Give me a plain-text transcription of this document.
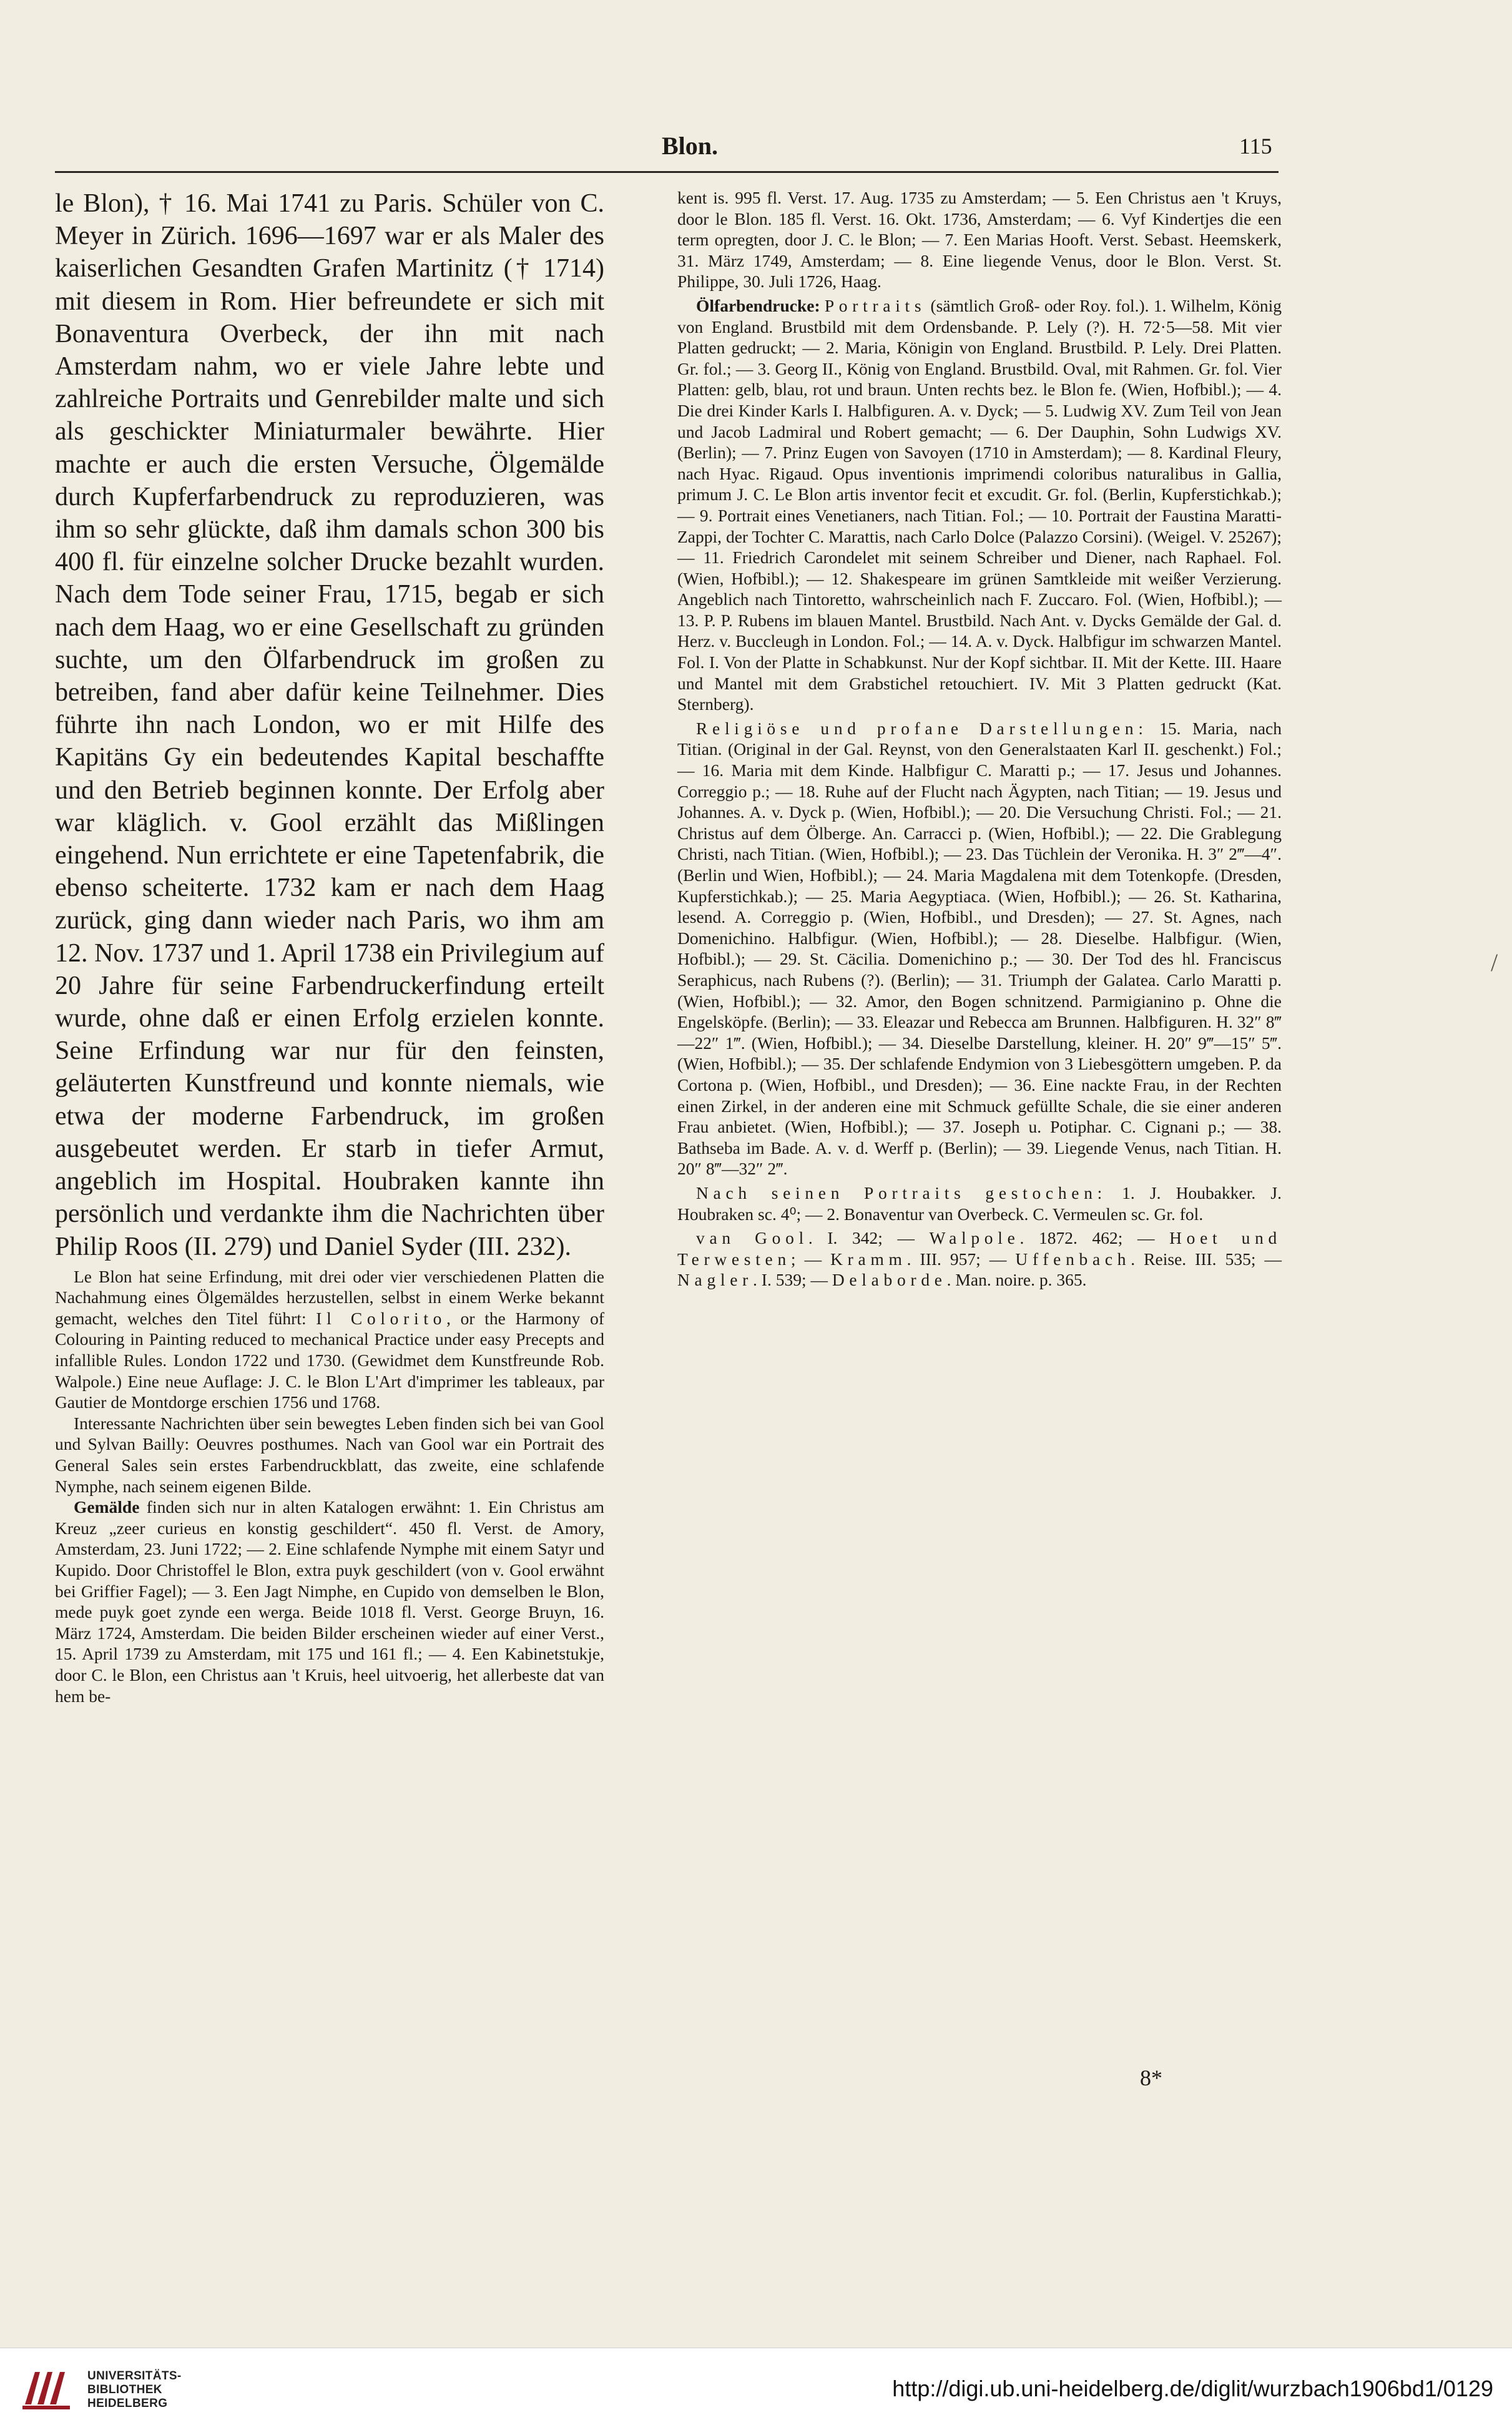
Blon.	115

le Blon), † 16. Mai 1741 zu Paris. Schüler von C. Meyer in Zürich. 1696—1697 war er als Maler des kaiserlichen Gesandten Grafen Martinitz († 1714) mit diesem in Rom. Hier befreundete er sich mit Bonaventura Overbeck, der ihn mit nach Amsterdam nahm, wo er viele Jahre lebte und zahlreiche Portraits und Genrebilder malte und sich als geschickter Miniaturmaler bewährte. Hier machte er auch die ersten Versuche, Ölgemälde durch Kupferfarbendruck zu reproduzieren, was ihm so sehr glückte, daß ihm damals schon 300 bis 400 fl. für einzelne solcher Drucke bezahlt wurden. Nach dem Tode seiner Frau, 1715, begab er sich nach dem Haag, wo er eine Gesellschaft zu gründen suchte, um den Ölfarbendruck im großen zu betreiben, fand aber dafür keine Teilnehmer. Dies führte ihn nach London, wo er mit Hilfe des Kapitäns Gy ein bedeutendes Kapital beschaffte und den Betrieb beginnen konnte. Der Erfolg aber war kläglich. v. Gool erzählt das Mißlingen eingehend. Nun errichtete er eine Tapetenfabrik, die ebenso scheiterte. 1732 kam er nach dem Haag zurück, ging dann wieder nach Paris, wo ihm am 12. Nov. 1737 und 1. April 1738 ein Privilegium auf 20 Jahre für seine Farbendruckerfindung erteilt wurde, ohne daß er einen Erfolg erzielen konnte. Seine Erfindung war nur für den feinsten, geläuterten Kunstfreund und konnte niemals, wie etwa der moderne Farbendruck, im großen ausgebeutet werden. Er starb in tiefer Armut, angeblich im Hospital. Houbraken kannte ihn persönlich und verdankte ihm die Nachrichten über Philip Roos (II. 279) und Daniel Syder (III. 232).

Le Blon hat seine Erfindung, mit drei oder vier verschiedenen Platten die Nachahmung eines Ölgemäldes herzustellen, selbst in einem Werke bekannt gemacht, welches den Titel führt: Il Colorito, or the Harmony of Colouring in Painting reduced to mechanical Practice under easy Precepts and infallible Rules. London 1722 und 1730. (Gewidmet dem Kunstfreunde Rob. Walpole.) Eine neue Auflage: J. C. le Blon L'Art d'imprimer les tableaux, par Gautier de Montdorge erschien 1756 und 1768.

Interessante Nachrichten über sein bewegtes Leben finden sich bei van Gool und Sylvan Bailly: Oeuvres posthumes. Nach van Gool war ein Portrait des General Sales sein erstes Farbendruckblatt, das zweite, eine schlafende Nymphe, nach seinem eigenen Bilde.

Gemälde finden sich nur in alten Katalogen erwähnt: 1. Ein Christus am Kreuz „zeer curieus en konstig geschildert“. 450 fl. Verst. de Amory, Amsterdam, 23. Juni 1722; — 2. Eine schlafende Nymphe mit einem Satyr und Kupido. Door Christoffel le Blon, extra puyk geschildert (von v. Gool erwähnt bei Griffier Fagel); — 3. Een Jagt Nimphe, en Cupido von demselben le Blon, mede puyk goet zynde een werga. Beide 1018 fl. Verst. George Bruyn, 16. März 1724, Amsterdam. Die beiden Bilder erscheinen wieder auf einer Verst., 15. April 1739 zu Amsterdam, mit 175 und 161 fl.; — 4. Een Kabinetstukje, door C. le Blon, een Christus aan 't Kruis, heel uitvoerig, het allerbeste dat van hem be-

kent is. 995 fl. Verst. 17. Aug. 1735 zu Amsterdam; — 5. Een Christus aen 't Kruys, door le Blon. 185 fl. Verst. 16. Okt. 1736, Amsterdam; — 6. Vyf Kindertjes die een term opregten, door J. C. le Blon; — 7. Een Marias Hooft. Verst. Sebast. Heemskerk, 31. März 1749, Amsterdam; — 8. Eine liegende Venus, door le Blon. Verst. St. Philippe, 30. Juli 1726, Haag.

Ölfarbendrucke: Portraits (sämtlich Groß- oder Roy. fol.). 1. Wilhelm, König von England. Brustbild mit dem Ordensbande. P. Lely (?). H. 72·5—58. Mit vier Platten gedruckt; — 2. Maria, Königin von England. Brustbild. P. Lely. Drei Platten. Gr. fol.; — 3. Georg II., König von England. Brustbild. Oval, mit Rahmen. Gr. fol. Vier Platten: gelb, blau, rot und braun. Unten rechts bez. le Blon fe. (Wien, Hofbibl.); — 4. Die drei Kinder Karls I. Halbfiguren. A. v. Dyck; — 5. Ludwig XV. Zum Teil von Jean und Jacob Ladmiral und Robert gemacht; — 6. Der Dauphin, Sohn Ludwigs XV. (Berlin); — 7. Prinz Eugen von Savoyen (1710 in Amsterdam); — 8. Kardinal Fleury, nach Hyac. Rigaud. Opus inventionis imprimendi coloribus naturalibus in Gallia, primum J. C. Le Blon artis inventor fecit et excudit. Gr. fol. (Berlin, Kupferstichkab.); — 9. Portrait eines Venetianers, nach Titian. Fol.; — 10. Portrait der Faustina Maratti-Zappi, der Tochter C. Marattis, nach Carlo Dolce (Palazzo Corsini). (Weigel. V. 25267); — 11. Friedrich Carondelet mit seinem Schreiber und Diener, nach Raphael. Fol. (Wien, Hofbibl.); — 12. Shakespeare im grünen Samtkleide mit weißer Verzierung. Angeblich nach Tintoretto, wahrscheinlich nach F. Zuccaro. Fol. (Wien, Hofbibl.); — 13. P. P. Rubens im blauen Mantel. Brustbild. Nach Ant. v. Dycks Gemälde der Gal. d. Herz. v. Buccleugh in London. Fol.; — 14. A. v. Dyck. Halbfigur im schwarzen Mantel. Fol. I. Von der Platte in Schabkunst. Nur der Kopf sichtbar. II. Mit der Kette. III. Haare und Mantel mit dem Grabstichel retouchiert. IV. Mit 3 Platten gedruckt (Kat. Sternberg).

Religiöse und profane Darstellungen: 15. Maria, nach Titian. (Original in der Gal. Reynst, von den Generalstaaten Karl II. geschenkt.) Fol.; — 16. Maria mit dem Kinde. Halbfigur C. Maratti p.; — 17. Jesus und Johannes. Correggio p.; — 18. Ruhe auf der Flucht nach Ägypten, nach Titian; — 19. Jesus und Johannes. A. v. Dyck p. (Wien, Hofbibl.); — 20. Die Versuchung Christi. Fol.; — 21. Christus auf dem Ölberge. An. Carracci p. (Wien, Hofbibl.); — 22. Die Grablegung Christi, nach Titian. (Wien, Hofbibl.); — 23. Das Tüchlein der Veronika. H. 3″ 2‴—4″. (Berlin und Wien, Hofbibl.); — 24. Maria Magdalena mit dem Totenkopfe. (Dresden, Kupferstichkab.); — 25. Maria Aegyptiaca. (Wien, Hofbibl.); — 26. St. Katharina, lesend. A. Correggio p. (Wien, Hofbibl., und Dresden); — 27. St. Agnes, nach Domenichino. Halbfigur. (Wien, Hofbibl.); — 28. Dieselbe. Halbfigur. (Wien, Hofbibl.); — 29. St. Cäcilia. Domenichino p.; — 30. Der Tod des hl. Franciscus Seraphicus, nach Rubens (?). (Berlin); — 31. Triumph der Galatea. Carlo Maratti p. (Wien, Hofbibl.); — 32. Amor, den Bogen schnitzend. Parmigianino p. Ohne die Engelsköpfe. (Berlin); — 33. Eleazar und Rebecca am Brunnen. Halbfiguren. H. 32″ 8‴—22″ 1‴. (Wien, Hofbibl.); — 34. Dieselbe Darstellung, kleiner. H. 20″ 9‴—15″ 5‴. (Wien, Hofbibl.); — 35. Der schlafende Endymion von 3 Liebesgöttern umgeben. P. da Cortona p. (Wien, Hofbibl., und Dresden); — 36. Eine nackte Frau, in der Rechten einen Zirkel, in der anderen eine mit Schmuck gefüllte Schale, die sie einer anderen Frau anbietet. (Wien, Hofbibl.); — 37. Joseph u. Potiphar. C. Cignani p.; — 38. Bathseba im Bade. A. v. d. Werff p. (Berlin); — 39. Liegende Venus, nach Titian. H. 20″ 8‴—32″ 2‴.

Nach seinen Portraits gestochen: 1. J. Houbakker. J. Houbraken sc. 4⁰; — 2. Bonaventur van Overbeck. C. Vermeulen sc. Gr. fol.

van Gool. I. 342; — Walpole. 1872. 462; — Hoet und Terwesten; — Kramm. III. 957; — Uffenbach. Reise. III. 535; — Nagler. I. 539; — Delaborde. Man. noire. p. 365.

8*
/
UNIVERSITÄTS-
BIBLIOTHEK
HEIDELBERG
http://digi.ub.uni-heidelberg.de/diglit/wurzbach1906bd1/0129
